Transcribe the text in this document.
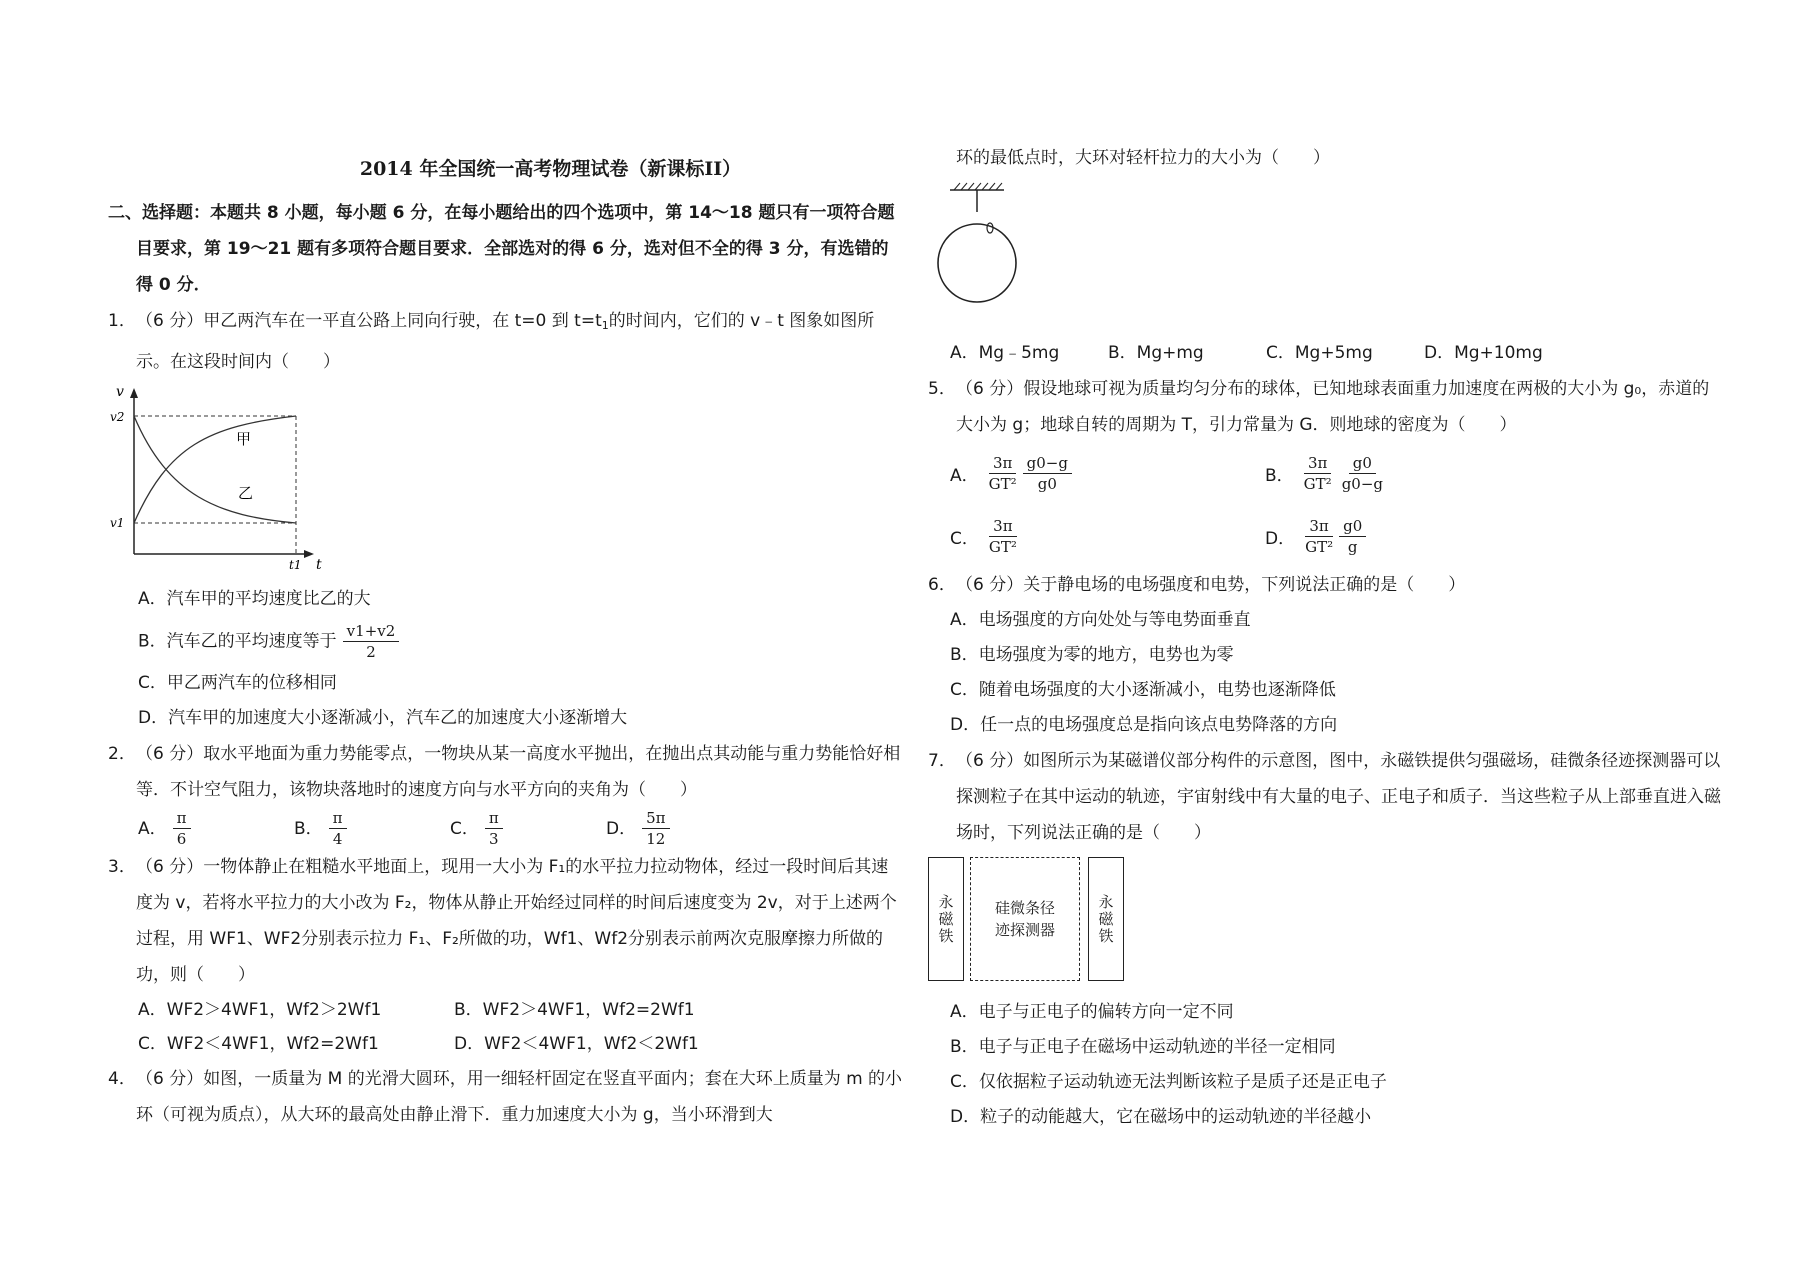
2014 年全国统一高考物理试卷（新课标II）
二、选择题：本题共 8 小题，每小题 6 分，在每小题给出的四个选项中，第 14～18 题只有一项符合题目要求，第 19～21 题有多项符合题目要求．全部选对的得 6 分，选对但不全的得 3 分，有选错的得 0 分．
1．（6 分）甲乙两汽车在一平直公路上同向行驶，在 t=0 到 $t=t_1$的时间内，它们的 v﹣t 图象如图所示。在这段时间内（　　）
v
v2
v1
t1 t
甲
乙
A．汽车甲的平均速度比乙的大
B．汽车乙的平均速度等于 $\frac{v1+v2}{2}$
C．甲乙两汽车的位移相同
D．汽车甲的加速度大小逐渐减小，汽车乙的加速度大小逐渐增大
2．（6 分）取水平地面为重力势能零点，一物块从某一高度水平抛出，在抛出点其动能与重力势能恰好相等．不计空气阻力，该物块落地时的速度方向与水平方向的夹角为（　　）
A． $\frac{\pi}{6}$	B． $\frac{\pi}{4}$	C． $\frac{\pi}{3}$	D． $\frac{5\pi}{12}$
3．（6 分）一物体静止在粗糙水平地面上，现用一大小为 F₁的水平拉力拉动物体，经过一段时间后其速度为 v，若将水平拉力的大小改为 F₂，物体从静止开始经过同样的时间后速度变为 2v，对于上述两个过程，用 WF1、WF2分别表示拉力 F₁、F₂所做的功，Wf1、Wf2分别表示前两次克服摩擦力所做的功，则（　　）
A．WF2＞4WF1，Wf2＞2Wf1	B．WF2＞4WF1，Wf2=2Wf1
C．WF2＜4WF1，Wf2=2Wf1	D．WF2＜4WF1，Wf2＜2Wf1
4．（6 分）如图，一质量为 M 的光滑大圆环，用一细轻杆固定在竖直平面内；套在大环上质量为 m 的小环（可视为质点），从大环的最高处由静止滑下．重力加速度大小为 g，当小环滑到大
环的最低点时，大环对轻杆拉力的大小为（　　）
A．Mg﹣5mg	B．Mg+mg	C．Mg+5mg	D．Mg+10mg
5．（6 分）假设地球可视为质量均匀分布的球体，已知地球表面重力加速度在两极的大小为 g₀，赤道的大小为 g；地球自转的周期为 T，引力常量为 G．则地球的密度为（　　）
A． $\frac{3\pi}{\text{GT²}} \frac{g0-g}{g0}$	B． $\frac{3\pi}{\text{GT²}} \frac{g0}{g0-g}$
C． $\frac{3\pi}{\text{GT²}}$	D． $\frac{3\pi}{\text{GT²}} \frac{g0}{g}$
6．（6 分）关于静电场的电场强度和电势，下列说法正确的是（　　）
A．电场强度的方向处处与等电势面垂直
B．电场强度为零的地方，电势也为零
C．随着电场强度的大小逐渐减小，电势也逐渐降低
D．任一点的电场强度总是指向该点电势降落的方向
7．（6 分）如图所示为某磁谱仪部分构件的示意图，图中，永磁铁提供匀强磁场，硅微条径迹探测器可以探测粒子在其中运动的轨迹，宇宙射线中有大量的电子、正电子和质子．当这些粒子从上部垂直进入磁场时，下列说法正确的是（　　）
永磁铁	硅微条径
迹探测器	永磁铁
A．电子与正电子的偏转方向一定不同
B．电子与正电子在磁场中运动轨迹的半径一定相同
C．仅依据粒子运动轨迹无法判断该粒子是质子还是正电子
D．粒子的动能越大，它在磁场中的运动轨迹的半径越小
